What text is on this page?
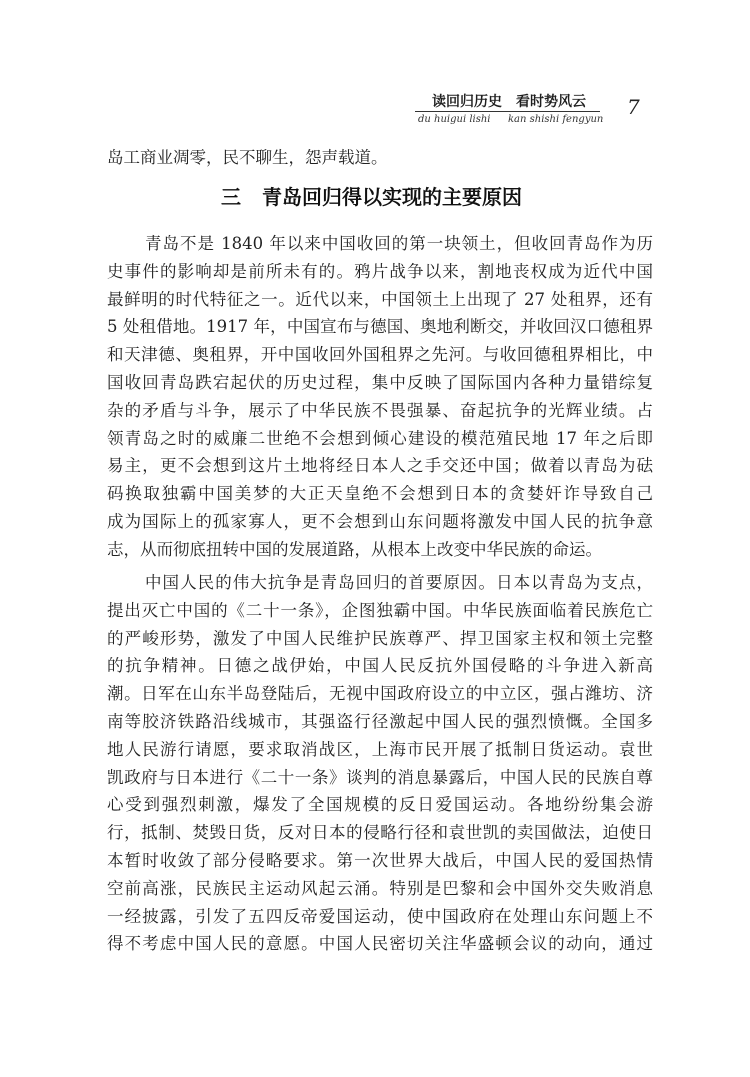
读回归历史 看时势风云
du huigui lishi kan shishi fengyun
7
岛工商业凋零，民不聊生，怨声载道。
三 青岛回归得以实现的主要原因
青岛不是 1840 年以来中国收回的第一块领土，但收回青岛作为历
史事件的影响却是前所未有的。鸦片战争以来，割地丧权成为近代中国
最鲜明的时代特征之一。近代以来，中国领土上出现了 27 处租界，还有
5 处租借地。1917 年，中国宣布与德国、奥地利断交，并收回汉口德租界
和天津德、奥租界，开中国收回外国租界之先河。与收回德租界相比，中
国收回青岛跌宕起伏的历史过程，集中反映了国际国内各种力量错综复
杂的矛盾与斗争，展示了中华民族不畏强暴、奋起抗争的光辉业绩。占
领青岛之时的威廉二世绝不会想到倾心建设的模范殖民地 17 年之后即
易主，更不会想到这片土地将经日本人之手交还中国；做着以青岛为砝
码换取独霸中国美梦的大正天皇绝不会想到日本的贪婪奸诈导致自己
成为国际上的孤家寡人，更不会想到山东问题将激发中国人民的抗争意
志，从而彻底扭转中国的发展道路，从根本上改变中华民族的命运。
中国人民的伟大抗争是青岛回归的首要原因。日本以青岛为支点，
提出灭亡中国的《二十一条》，企图独霸中国。中华民族面临着民族危亡
的严峻形势，激发了中国人民维护民族尊严、捍卫国家主权和领土完整
的抗争精神。日德之战伊始，中国人民反抗外国侵略的斗争进入新高
潮。日军在山东半岛登陆后，无视中国政府设立的中立区，强占潍坊、济
南等胶济铁路沿线城市，其强盗行径激起中国人民的强烈愤慨。全国多
地人民游行请愿，要求取消战区，上海市民开展了抵制日货运动。袁世
凯政府与日本进行《二十一条》谈判的消息暴露后，中国人民的民族自尊
心受到强烈刺激，爆发了全国规模的反日爱国运动。各地纷纷集会游
行，抵制、焚毁日货，反对日本的侵略行径和袁世凯的卖国做法，迫使日
本暂时收敛了部分侵略要求。第一次世界大战后，中国人民的爱国热情
空前高涨，民族民主运动风起云涌。特别是巴黎和会中国外交失败消息
一经披露，引发了五四反帝爱国运动，使中国政府在处理山东问题上不
得不考虑中国人民的意愿。中国人民密切关注华盛顿会议的动向，通过
